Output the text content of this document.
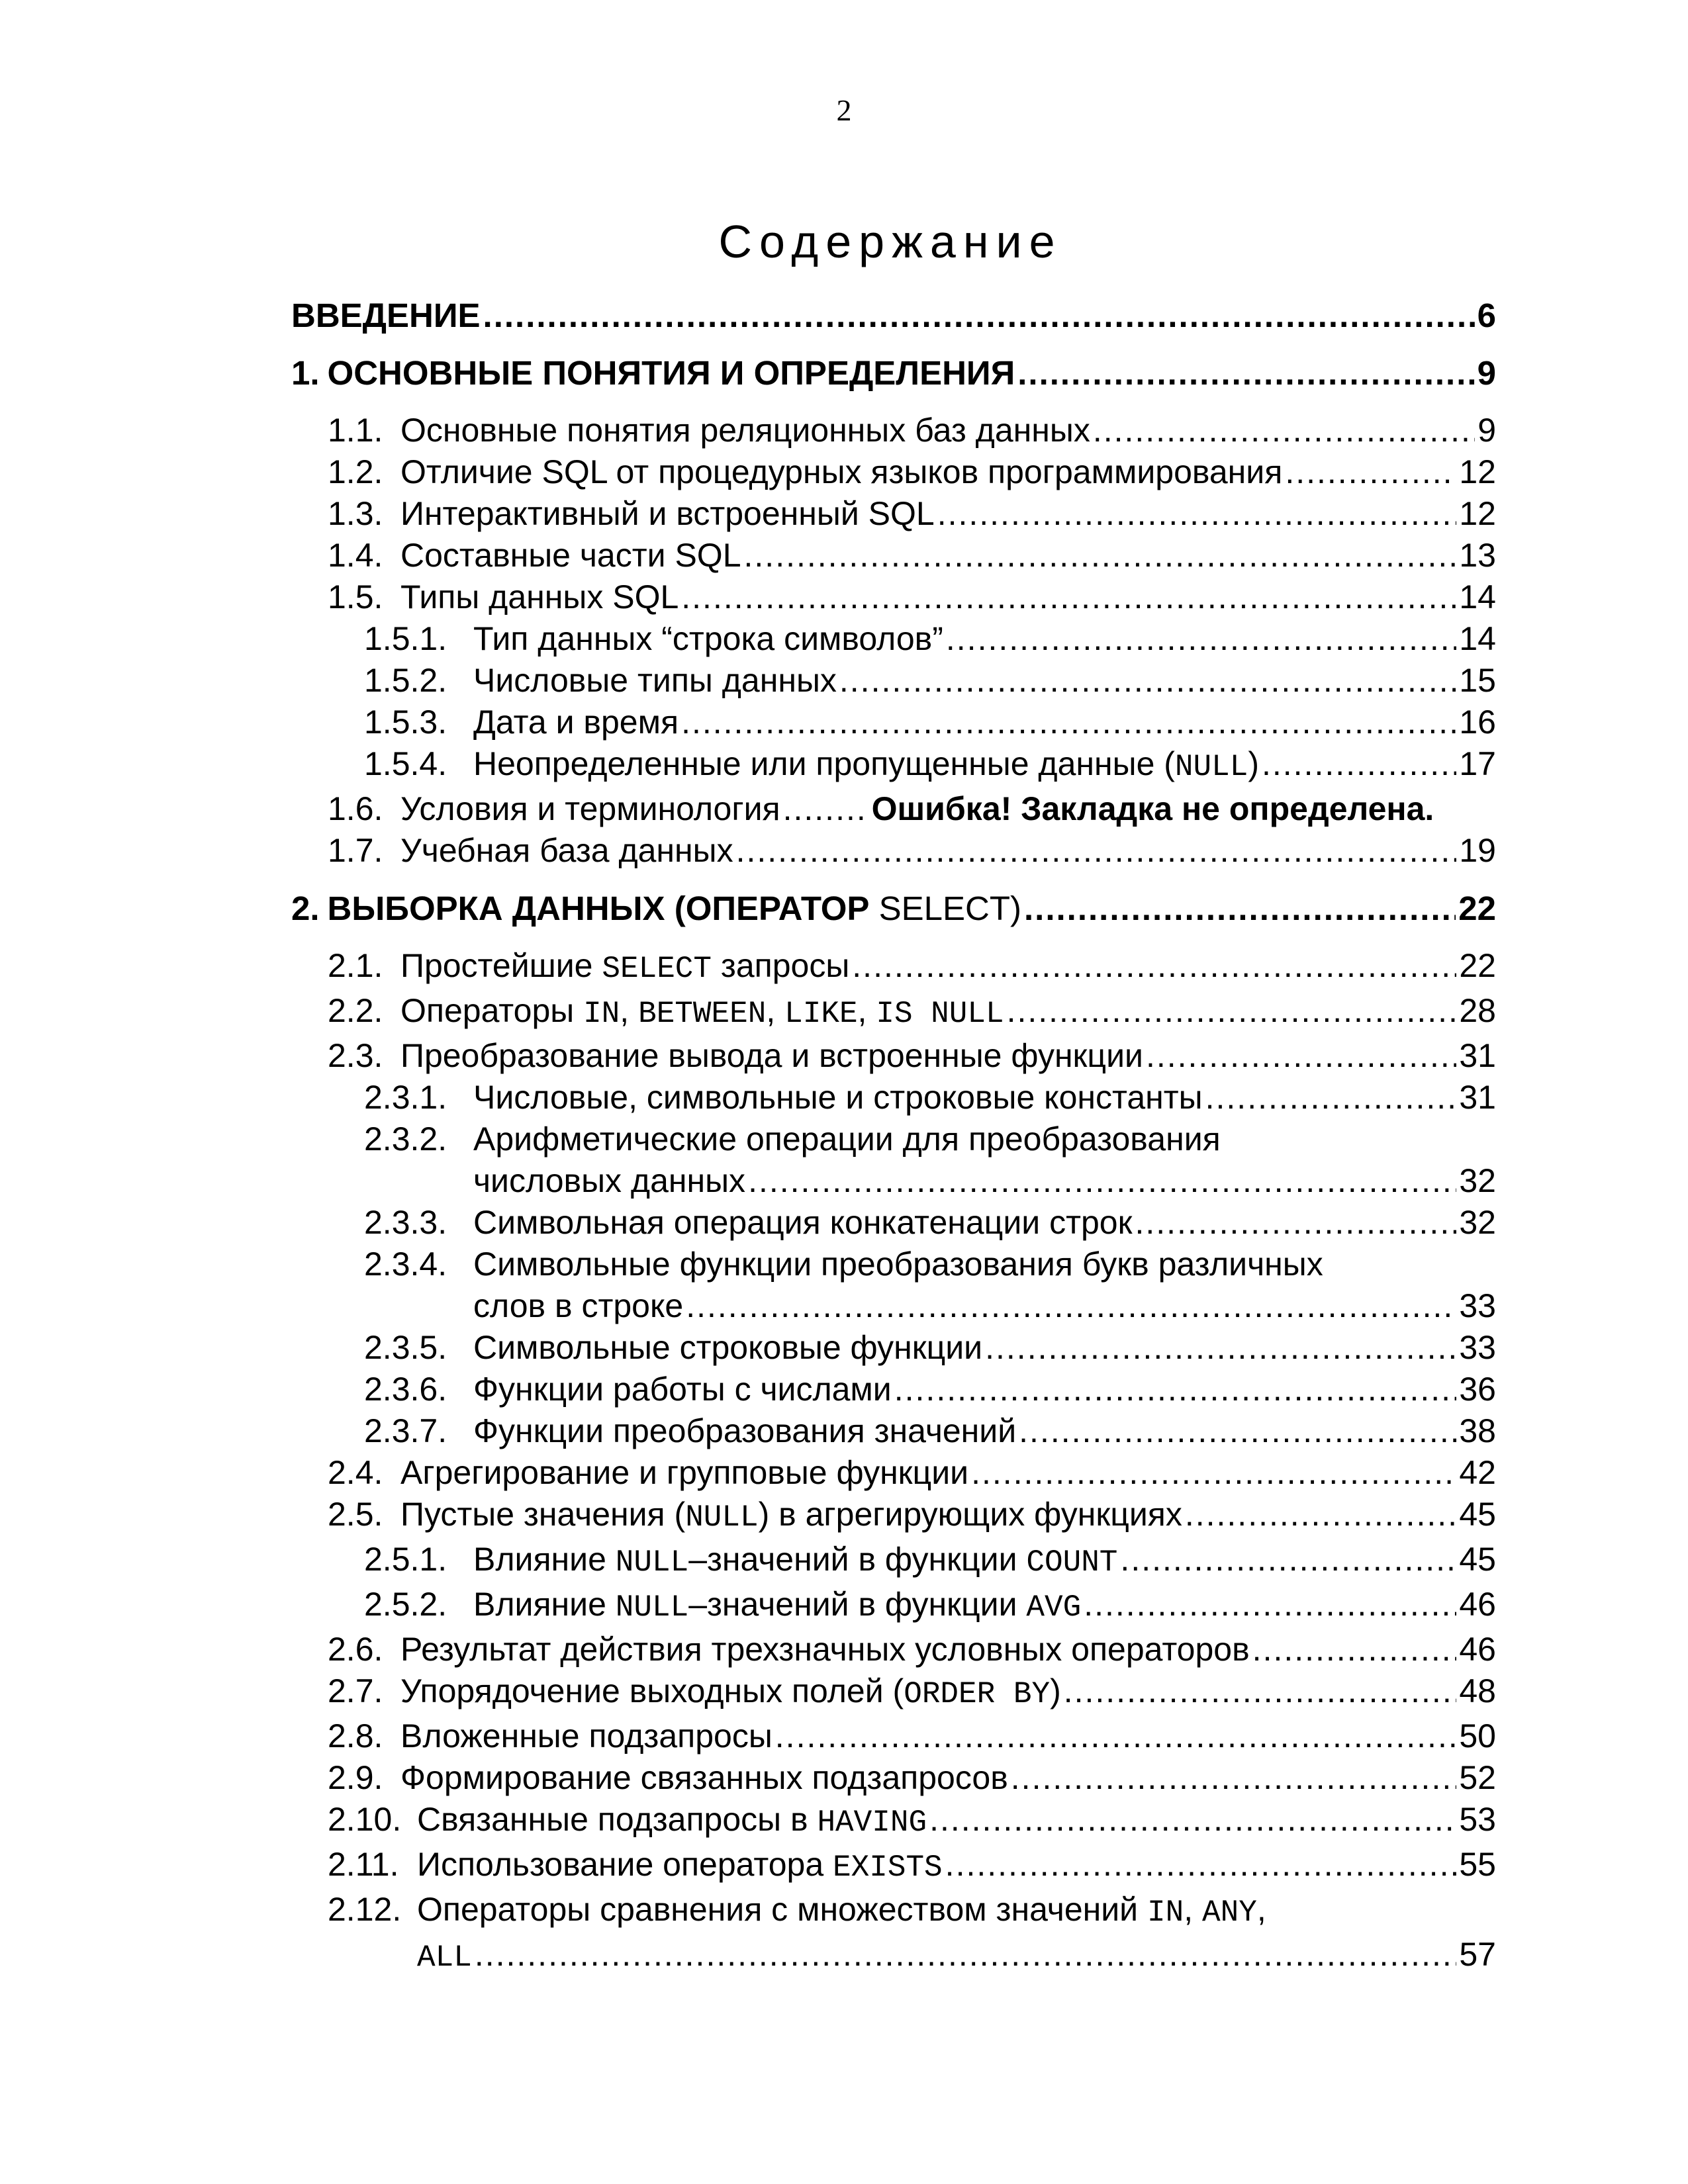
2
Содержание
ВВЕДЕНИЕ .....	6
1. ОСНОВНЫЕ ПОНЯТИЯ И ОПРЕДЕЛЕНИЯ .....	9
1.1. Основные понятия реляционных баз данных .....	9
1.2. Отличие SQL от процедурных языков программирования .....	12
1.3. Интерактивный и встроенный SQL .....	12
1.4. Составные части SQL .....	13
1.5. Типы данных SQL .....	14
1.5.1. Тип данных “строка символов” .....	14
1.5.2. Числовые типы данных .....	15
1.5.3. Дата и время .....	16
1.5.4. Неопределенные или пропущенные данные (NULL) .....	17
1.6. Условия и терминология .....	Ошибка! Закладка не определена.
1.7. Учебная база данных .....	19
2. ВЫБОРКА ДАННЫХ (ОПЕРАТОР SELECT) .....	22
2.1. Простейшие SELECT запросы .....	22
2.2. Операторы IN, BETWEEN, LIKE, IS NULL .....	28
2.3. Преобразование вывода и встроенные функции .....	31
2.3.1. Числовые, символьные и строковые константы .....	31
2.3.2. Арифметические операции для преобразования
числовых данных .....	32
2.3.3. Символьная операция конкатенации строк .....	32
2.3.4. Символьные функции преобразования букв различных
слов в строке .....	33
2.3.5. Символьные строковые функции .....	33
2.3.6. Функции работы с числами .....	36
2.3.7. Функции преобразования значений .....	38
2.4. Агрегирование и групповые функции .....	42
2.5. Пустые значения (NULL) в агрегирующих функциях .....	45
2.5.1. Влияние NULL–значений в функции COUNT .....	45
2.5.2. Влияние NULL–значений в функции AVG .....	46
2.6. Результат действия трехзначных условных операторов .....	46
2.7. Упорядочение выходных полей (ORDER BY) .....	48
2.8. Вложенные подзапросы .....	50
2.9. Формирование связанных подзапросов .....	52
2.10. Связанные подзапросы в HAVING .....	53
2.11. Использование оператора EXISTS .....	55
2.12. Операторы сравнения с множеством значений IN, ANY,
ALL .....	57
